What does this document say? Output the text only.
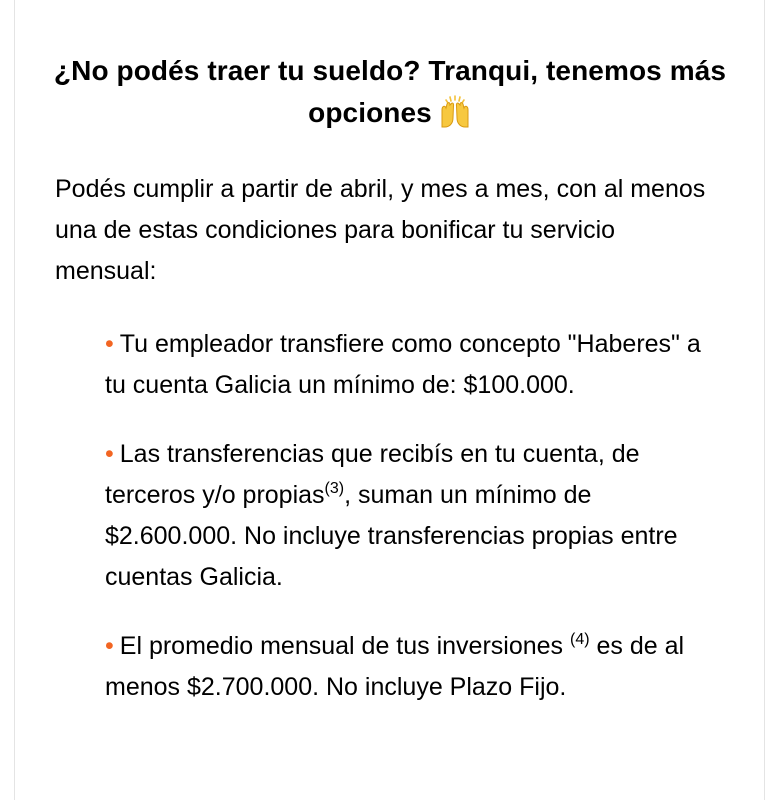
¿No podés traer tu sueldo? Tranqui, tenemos más opciones

Podés cumplir a partir de abril, y mes a mes, con al menos una de estas condiciones para bonificar tu servicio mensual:

• Tu empleador transfiere como concepto "Haberes" a tu cuenta Galicia un mínimo de: $100.000.
• Las transferencias que recibís en tu cuenta, de terceros y/o propias$^{(3)}$, suman un mínimo de $2.600.000. No incluye transferencias propias entre cuentas Galicia.
• El promedio mensual de tus inversiones $^{(4)}$ es de al menos $2.700.000. No incluye Plazo Fijo.
